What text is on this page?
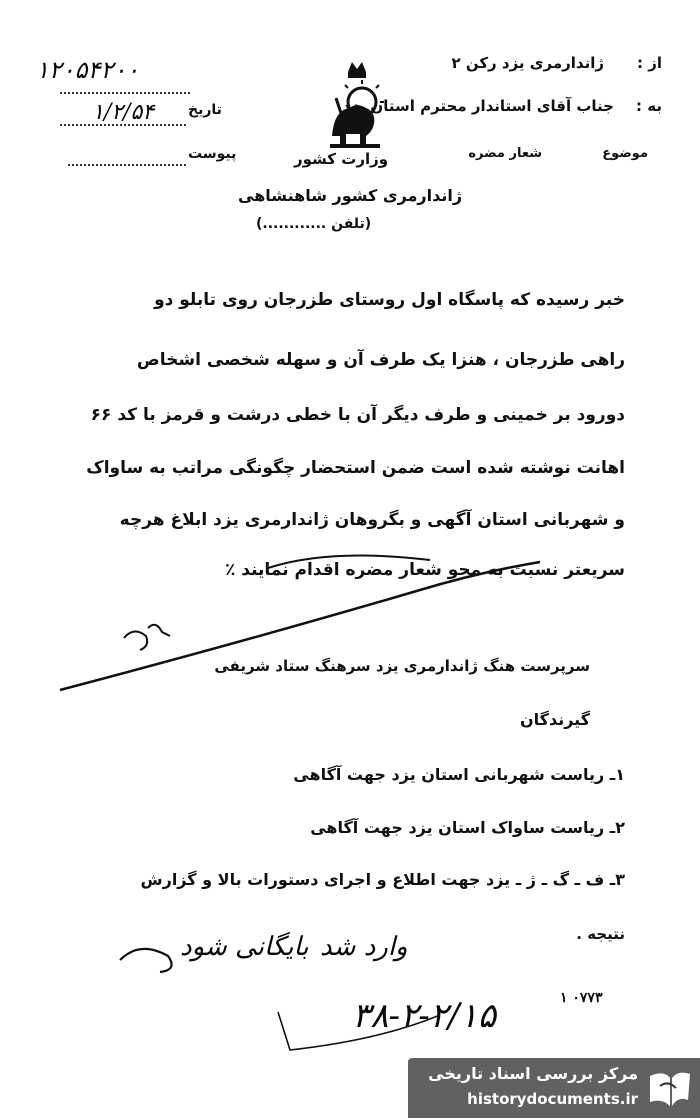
از :
ژاندارمری یزد رکن ۲
به :
جناب آقای استاندار محترم استان یزد
موضوع
شعار مضره
تاریخ
پیوست	وزارت کشور
ژاندارمری کشور شاهنشاهی
(تلفن ............)
۱۲۰۵۴۲۰۰
۱/۲/۵۴
خبر رسیده که پاسگاه اول روستای طزرجان روی تابلو دو
راهی طزرجان ، هنزا یک طرف آن و سهله شخصی اشخاص
دورود بر خمینی و طرف دیگر آن با خطی درشت و قرمز با کد ۶۶
اهانت نوشته شده است ضمن استحضار چگونگی مراتب به ساواک
و شهربانی استان آگهی و بگروهان ژاندارمری یزد ابلاغ هرچه
سریعتر نسبت به محو شعار مضره اقدام نمایند ٪
سرپرست هنگ ژاندارمری یزد سرهنگ ستاد شریفی
گیرندگان
۱ـ ریاست شهربانی استان یزد جهت آگاهی
۲ـ ریاست ساواک استان یزد جهت آگاهی
۳ـ ف ـ گ ـ ژ ـ یزد جهت اطلاع و اجرای دستورات بالا و گزارش
نتیجه .
وارد شد
بایگانی شود
۱ ۰۷۷۳
۳۸-۲-۲/۱۵
مرکز بررسی اسناد تاریخی
historydocuments.ir
